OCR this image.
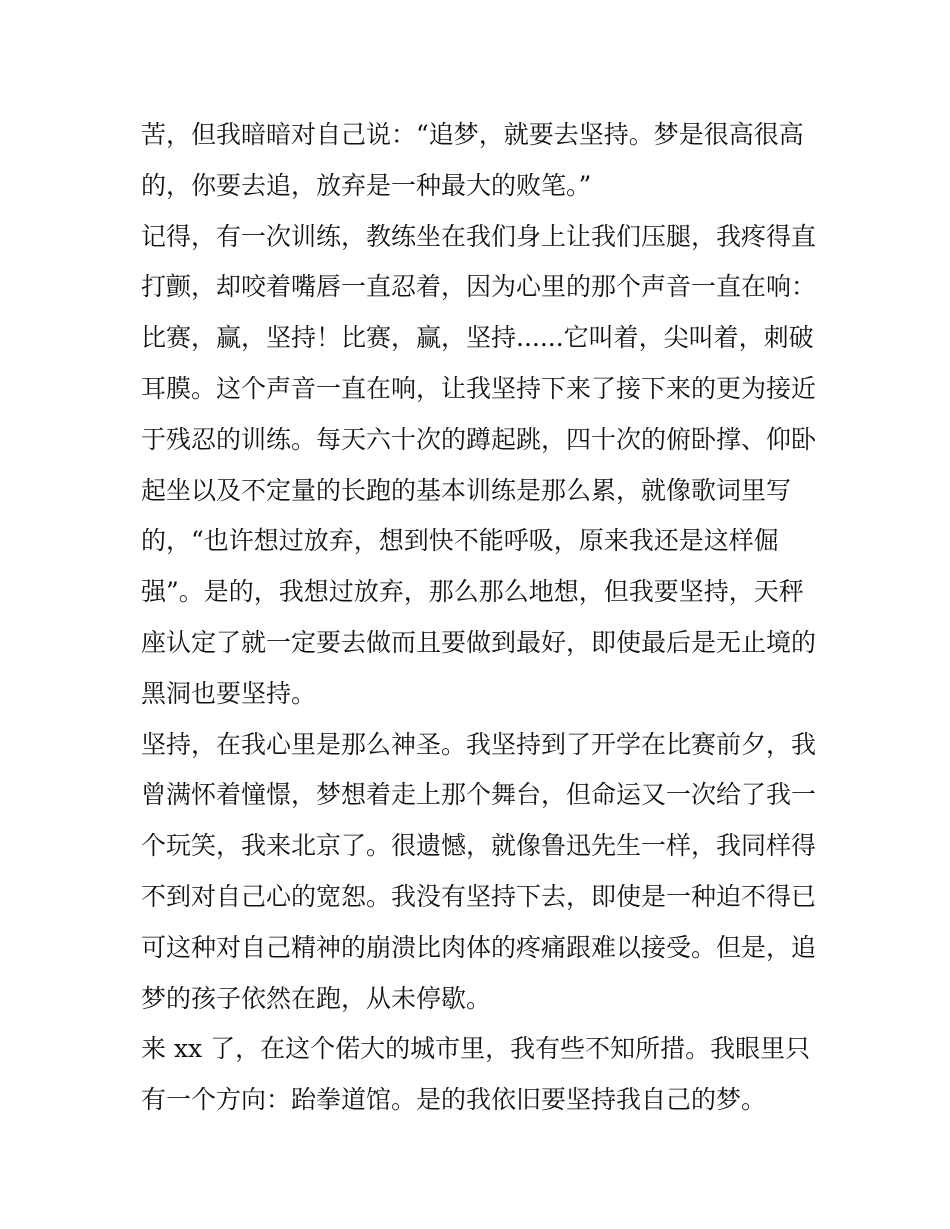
苦，但我暗暗对自己说：“追梦，就要去坚持。梦是很高很高
的，你要去追，放弃是一种最大的败笔。”

记得，有一次训练，教练坐在我们身上让我们压腿，我疼得直
打颤，却咬着嘴唇一直忍着，因为心里的那个声音一直在响：
比赛，赢，坚持！比赛，赢，坚持......它叫着，尖叫着，刺破
耳膜。这个声音一直在响，让我坚持下来了接下来的更为接近
于残忍的训练。每天六十次的蹲起跳，四十次的俯卧撑、仰卧
起坐以及不定量的长跑的基本训练是那么累，就像歌词里写
的，“也许想过放弃，想到快不能呼吸，原来我还是这样倔
强”。是的，我想过放弃，那么那么地想，但我要坚持，天秤
座认定了就一定要去做而且要做到最好，即使最后是无止境的
黑洞也要坚持。

坚持，在我心里是那么神圣。我坚持到了开学在比赛前夕，我
曾满怀着憧憬，梦想着走上那个舞台，但命运又一次给了我一
个玩笑，我来北京了。很遗憾，就像鲁迅先生一样，我同样得
不到对自己心的宽恕。我没有坚持下去，即使是一种迫不得已
可这种对自己精神的崩溃比肉体的疼痛跟难以接受。但是，追
梦的孩子依然在跑，从未停歇。

来 xx 了，在这个偌大的城市里，我有些不知所措。我眼里只
有一个方向：跆拳道馆。是的我依旧要坚持我自己的梦。
